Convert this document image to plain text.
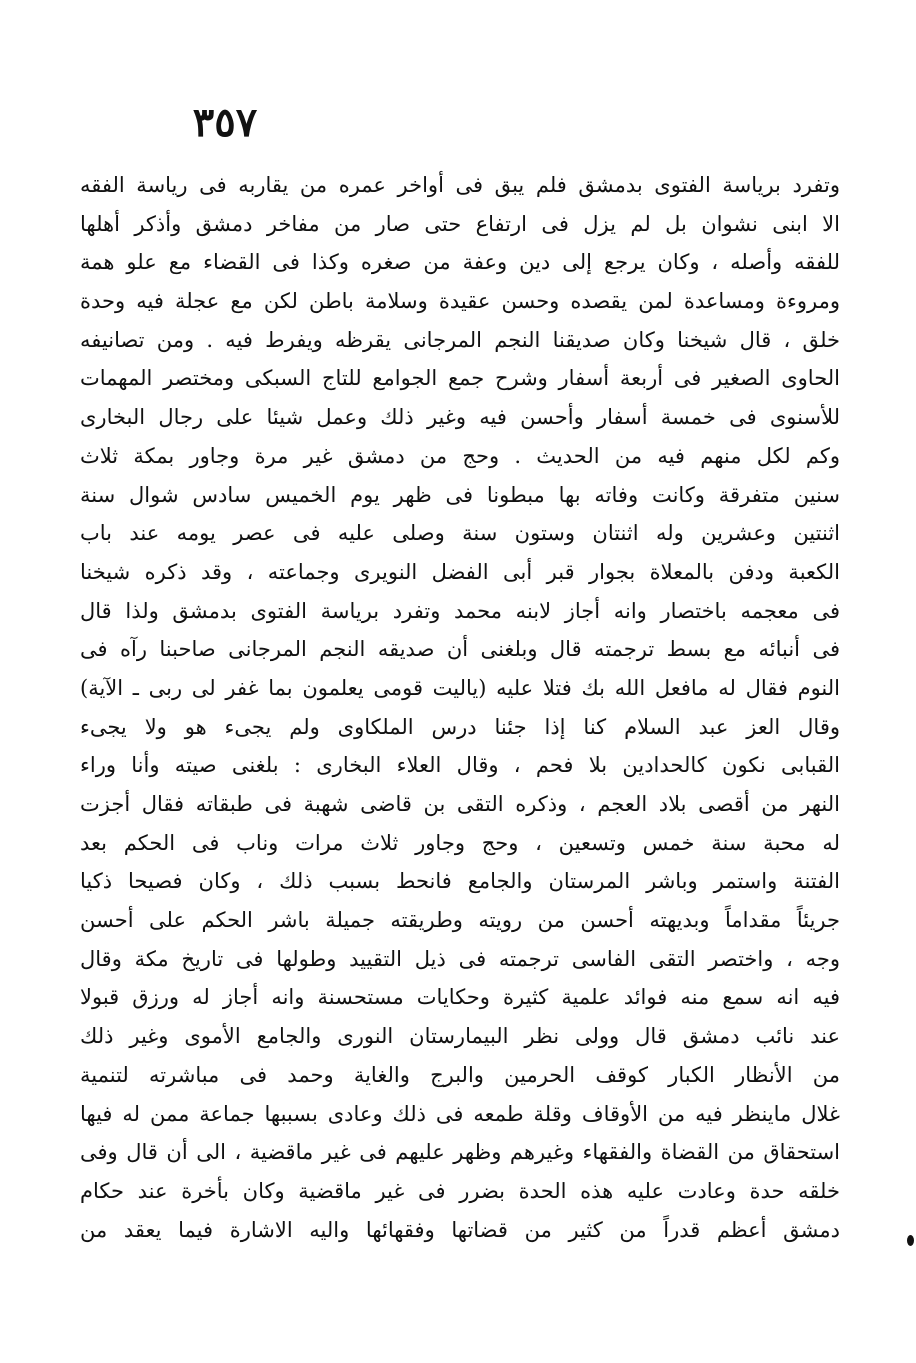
٣٥٧
وتفرد برياسة الفتوى بدمشق فلم يبق فى أواخر عمره من يقاربه فى رياسة الفقه
الا ابنى نشوان بل لم يزل فى ارتفاع حتى صار من مفاخر دمشق وأذكر أهلها
للفقه وأصله ، وكان يرجع إلى دين وعفة من صغره وكذا فى القضاء مع علو همة
ومروءة ومساعدة لمن يقصده وحسن عقيدة وسلامة باطن لكن مع عجلة فيه وحدة
خلق ، قال شيخنا وكان صديقنا النجم المرجانى يقرظه ويفرط فيه . ومن تصانيفه
الحاوى الصغير فى أربعة أسفار وشرح جمع الجوامع للتاج السبكى ومختصر المهمات
للأسنوى فى خمسة أسفار وأحسن فيه وغير ذلك وعمل شيئا على رجال البخارى
وكم لكل منهم فيه من الحديث . وحج من دمشق غير مرة وجاور بمكة ثلاث
سنين متفرقة وكانت وفاته بها مبطونا فى ظهر يوم الخميس سادس شوال سنة
اثنتين وعشرين وله اثنتان وستون سنة وصلى عليه فى عصر يومه عند باب
الكعبة ودفن بالمعلاة بجوار قبر أبى الفضل النويرى وجماعته ، وقد ذكره شيخنا
فى معجمه باختصار وانه أجاز لابنه محمد وتفرد برياسة الفتوى بدمشق ولذا قال
فى أنبائه مع بسط ترجمته قال وبلغنى أن صديقه النجم المرجانى صاحبنا رآه فى
النوم فقال له مافعل الله بك فتلا عليه (ياليت قومى يعلمون بما غفر لى ربى ـ الآية)
وقال العز عبد السلام كنا إذا جئنا درس الملكاوى ولم يجىء هو ولا يجىء
القبابى نكون كالحدادين بلا فحم ، وقال العلاء البخارى : بلغنى صيته وأنا وراء
النهر من أقصى بلاد العجم ، وذكره التقى بن قاضى شهبة فى طبقاته فقال أجزت
له محبة سنة خمس وتسعين ، وحج وجاور ثلاث مرات وناب فى الحكم بعد
الفتنة واستمر وباشر المرستان والجامع فانحط بسبب ذلك ، وكان فصيحا ذكيا
جريئاً مقداماً وبديهته أحسن من رويته وطريقته جميلة باشر الحكم على أحسن
وجه ، واختصر التقى الفاسى ترجمته فى ذيل التقييد وطولها فى تاريخ مكة وقال
فيه انه سمع منه فوائد علمية كثيرة وحكايات مستحسنة وانه أجاز له ورزق قبولا
عند نائب دمشق قال وولى نظر البيمارستان النورى والجامع الأموى وغير ذلك
من الأنظار الكبار كوقف الحرمين والبرج والغاية وحمد فى مباشرته لتنمية
غلال ماينظر فيه من الأوقاف وقلة طمعه فى ذلك وعادى بسببها جماعة ممن له فيها
استحقاق من القضاة والفقهاء وغيرهم وظهر عليهم فى غير ماقضية ، الى أن قال وفى
خلقه حدة وعادت عليه هذه الحدة بضرر فى غير ماقضية وكان بأخرة عند حكام
دمشق أعظم قدراً من كثير من قضاتها وفقهائها واليه الاشارة فيما يعقد من
